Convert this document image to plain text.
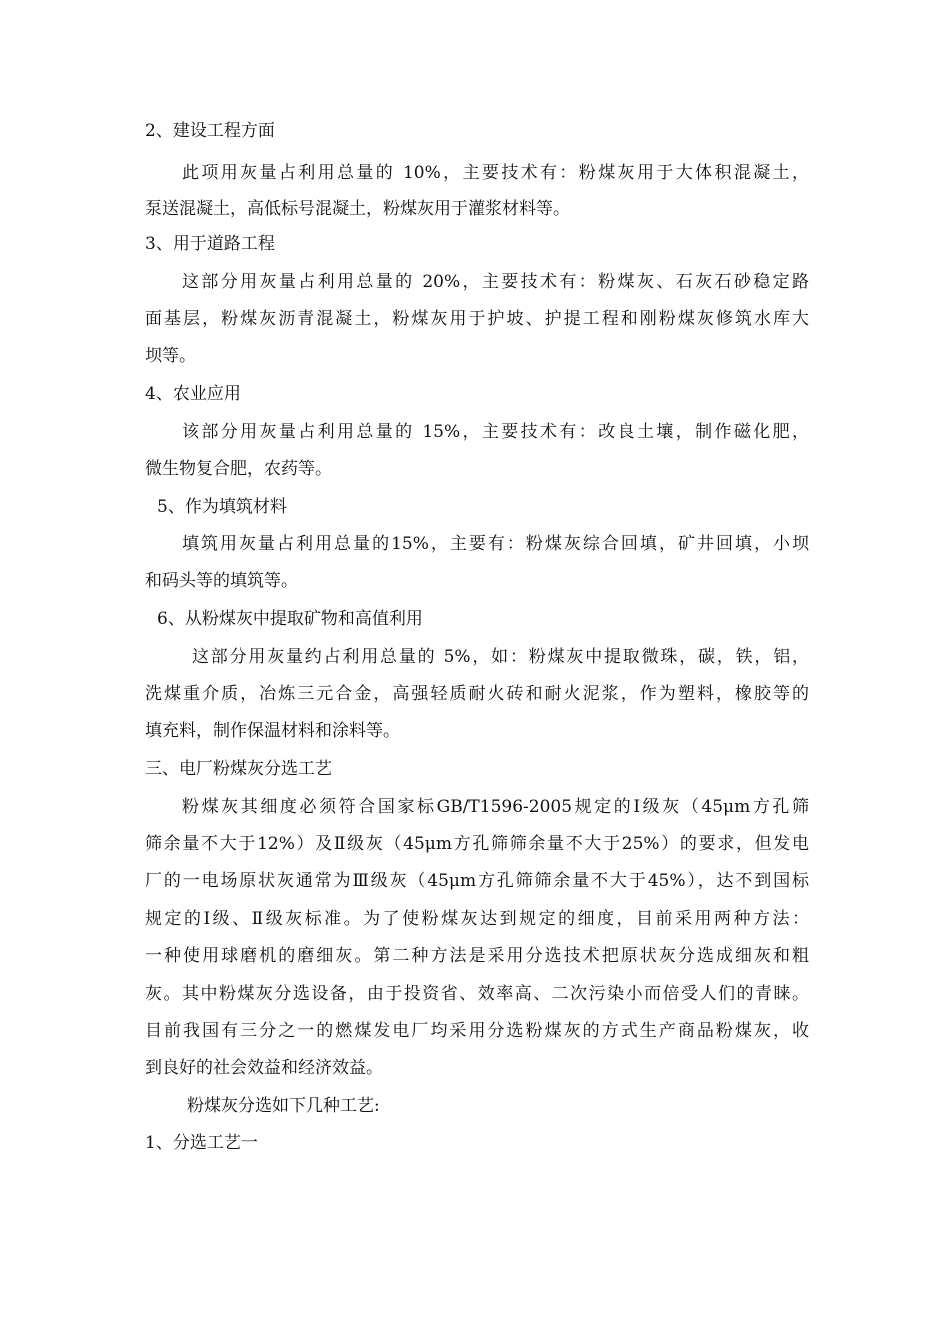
2、建设工程方面

此项用灰量占利用总量的 10%，主要技术有：粉煤灰用于大体积混凝土，

泵送混凝土，高低标号混凝土，粉煤灰用于灌浆材料等。

3、用于道路工程

这部分用灰量占利用总量的 20%，主要技术有：粉煤灰、石灰石砂稳定路

面基层，粉煤灰沥青混凝土，粉煤灰用于护坡、护提工程和刚粉煤灰修筑水库大

坝等。

4、农业应用

该部分用灰量占利用总量的 15%，主要技术有：改良土壤，制作磁化肥，

微生物复合肥，农药等。

5、作为填筑材料

填筑用灰量占利用总量的15%，主要有：粉煤灰综合回填，矿井回填，小坝

和码头等的填筑等。

6、从粉煤灰中提取矿物和高值利用

这部分用灰量约占利用总量的 5%，如：粉煤灰中提取微珠，碳，铁，铝，

洗煤重介质，冶炼三元合金，高强轻质耐火砖和耐火泥浆，作为塑料，橡胶等的

填充料，制作保温材料和涂料等。

三、电厂粉煤灰分选工艺

粉煤灰其细度必须符合国家标GB/T1596-2005规定的Ⅰ级灰（45μm方孔筛

筛余量不大于12%）及Ⅱ级灰（45μm方孔筛筛余量不大于25%）的要求，但发电

厂的一电场原状灰通常为Ⅲ级灰（45μm方孔筛筛余量不大于45%），达不到国标

规定的Ⅰ级、Ⅱ级灰标准。为了使粉煤灰达到规定的细度，目前采用两种方法：

一种使用球磨机的磨细灰。第二种方法是采用分选技术把原状灰分选成细灰和粗

灰。其中粉煤灰分选设备，由于投资省、效率高、二次污染小而倍受人们的青睐。

目前我国有三分之一的燃煤发电厂均采用分选粉煤灰的方式生产商品粉煤灰，收

到良好的社会效益和经济效益。

粉煤灰分选如下几种工艺:

1、分选工艺一
